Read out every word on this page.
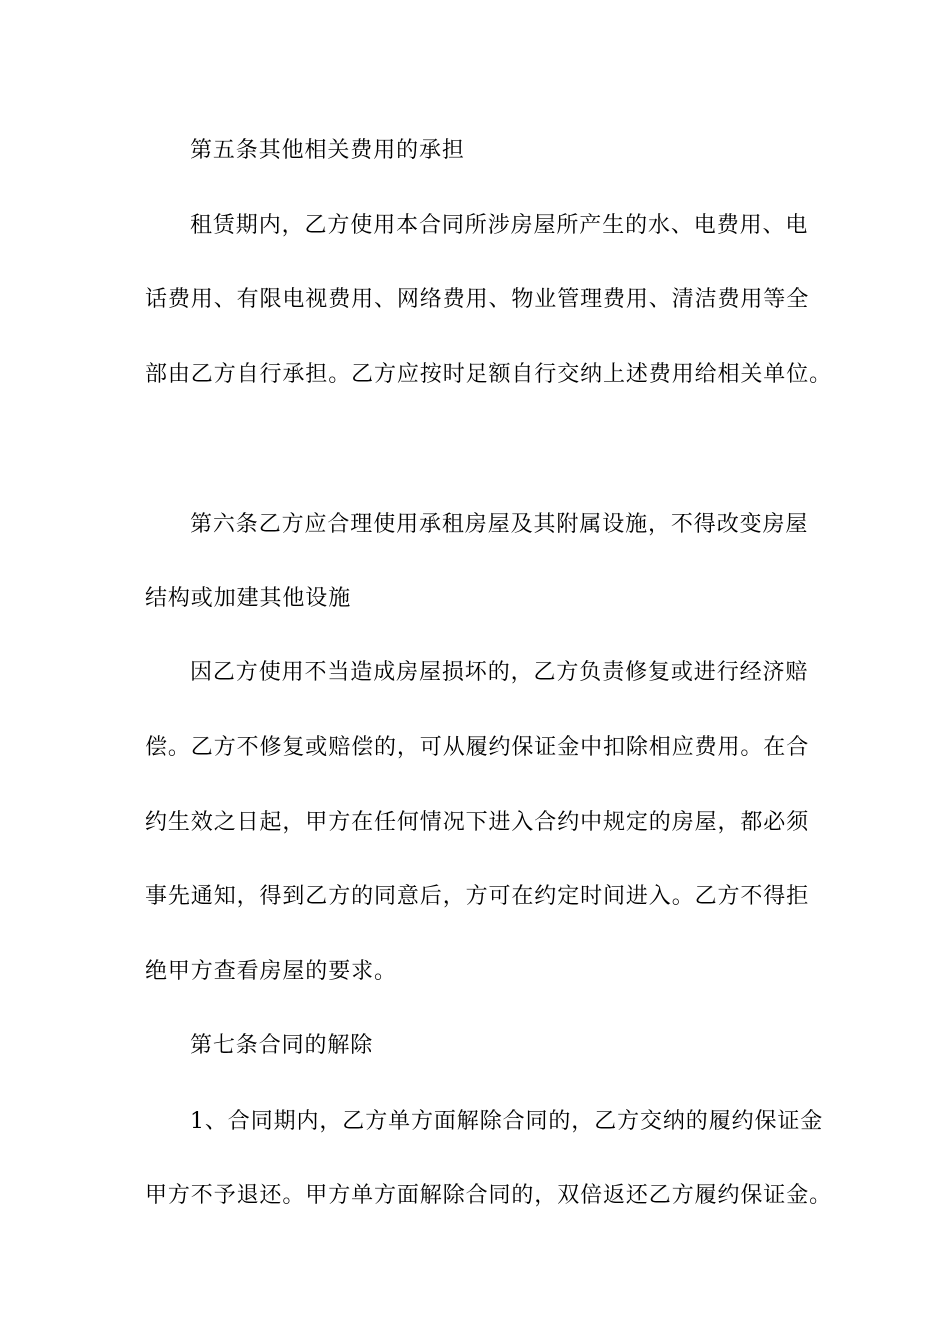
第五条其他相关费用的承担
租赁期内，乙方使用本合同所涉房屋所产生的水、电费用、电
话费用、有限电视费用、网络费用、物业管理费用、清洁费用等全
部由乙方自行承担。乙方应按时足额自行交纳上述费用给相关单位。
第六条乙方应合理使用承租房屋及其附属设施，不得改变房屋
结构或加建其他设施
因乙方使用不当造成房屋损坏的，乙方负责修复或进行经济赔
偿。乙方不修复或赔偿的，可从履约保证金中扣除相应费用。在合
约生效之日起，甲方在任何情况下进入合约中规定的房屋，都必须
事先通知，得到乙方的同意后，方可在约定时间进入。乙方不得拒
绝甲方查看房屋的要求。
第七条合同的解除
1、合同期内，乙方单方面解除合同的，乙方交纳的履约保证金
甲方不予退还。甲方单方面解除合同的，双倍返还乙方履约保证金。
